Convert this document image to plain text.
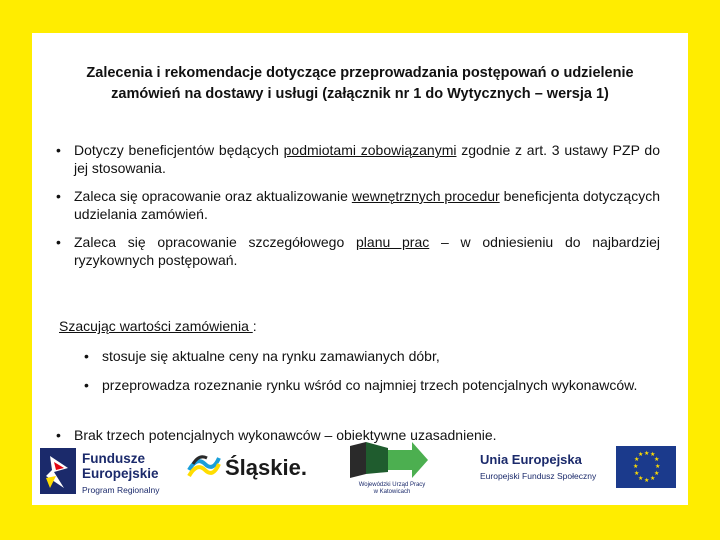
Zalecenia i rekomendacje dotyczące przeprowadzania postępowań o udzielenie zamówień na dostawy i usługi (załącznik nr 1 do Wytycznych – wersja 1)
• Dotyczy beneficjentów będących podmiotami zobowiązanymi zgodnie z art. 3 ustawy PZP do jej stosowania.
• Zaleca się opracowanie oraz aktualizowanie wewnętrznych procedur beneficjenta dotyczących udzielania zamówień.
• Zaleca się opracowanie szczegółowego planu prac – w odniesieniu do najbardziej ryzykownych postępowań.
Szacując wartości zamówienia :
• stosuje się aktualne ceny na rynku zamawianych dóbr,
• przeprowadza rozeznanie rynku wśród co najmniej trzech potencjalnych wykonawców.
• Brak trzech potencjalnych wykonawców – obiektywne uzasadnienie.
Fundusze
Europejskie
Program Regionalny
Śląskie.
Wojewódzki Urząd Pracy
w Katowicach
Unia Europejska
Europejski Fundusz Społeczny
★ ★
★
★
★
★
★
★
★
★
★
★
